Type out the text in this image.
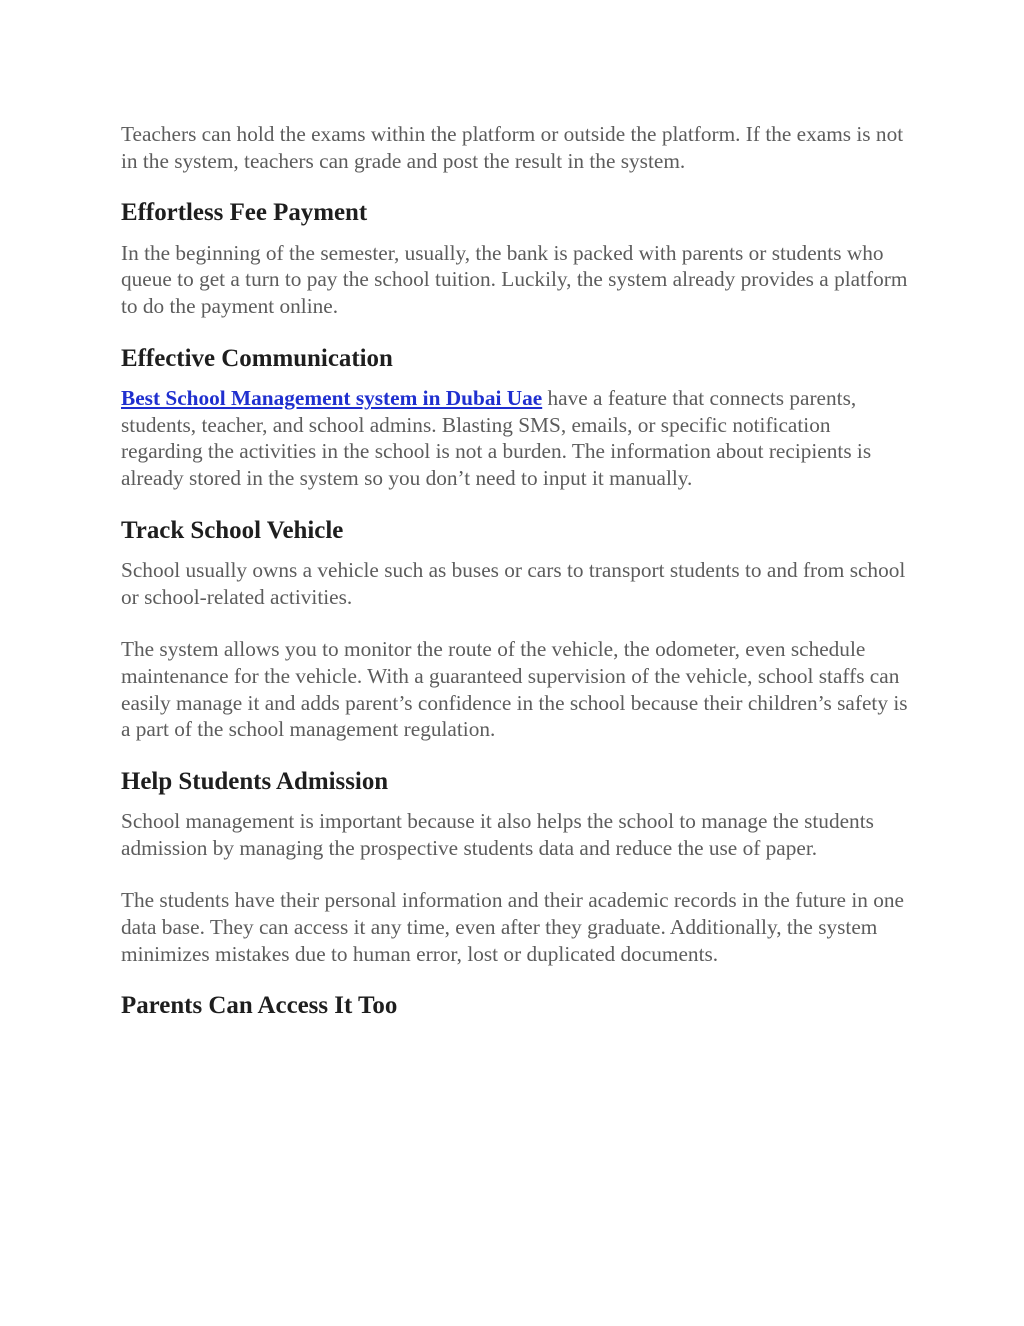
Teachers can hold the exams within the platform or outside the platform. If the exams is not in the system, teachers can grade and post the result in the system.

Effortless Fee Payment

In the beginning of the semester, usually, the bank is packed with parents or students who queue to get a turn to pay the school tuition. Luckily, the system already provides a platform to do the payment online.

Effective Communication

Best School Management system in Dubai Uae have a feature that connects parents, students, teacher, and school admins. Blasting SMS, emails, or specific notification regarding the activities in the school is not a burden. The information about recipients is already stored in the system so you don’t need to input it manually.

Track School Vehicle

School usually owns a vehicle such as buses or cars to transport students to and from school or school-related activities.

The system allows you to monitor the route of the vehicle, the odometer, even schedule maintenance for the vehicle. With a guaranteed supervision of the vehicle, school staffs can easily manage it and adds parent’s confidence in the school because their children’s safety is a part of the school management regulation.

Help Students Admission

School management is important because it also helps the school to manage the students admission by managing the prospective students data and reduce the use of paper.

The students have their personal information and their academic records in the future in one data base. They can access it any time, even after they graduate. Additionally, the system minimizes mistakes due to human error, lost or duplicated documents.

Parents Can Access It Too
